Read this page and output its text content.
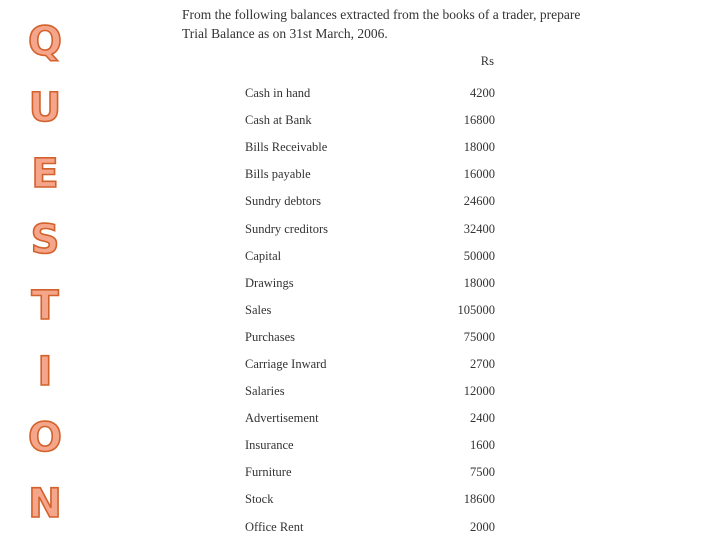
Q
U
E
S
T
I
O
N
From the following balances extracted from the books of a trader, prepare
Trial Balance as on 31st March, 2006.
Rs
Cash in hand	4200
Cash at Bank	16800
Bills Receivable	18000
Bills payable	16000
Sundry debtors	24600
Sundry creditors	32400
Capital	50000
Drawings	18000
Sales	105000
Purchases	75000
Carriage Inward	2700
Salaries	12000
Advertisement	2400
Insurance	1600
Furniture	7500
Stock	18600
Office Rent	2000
